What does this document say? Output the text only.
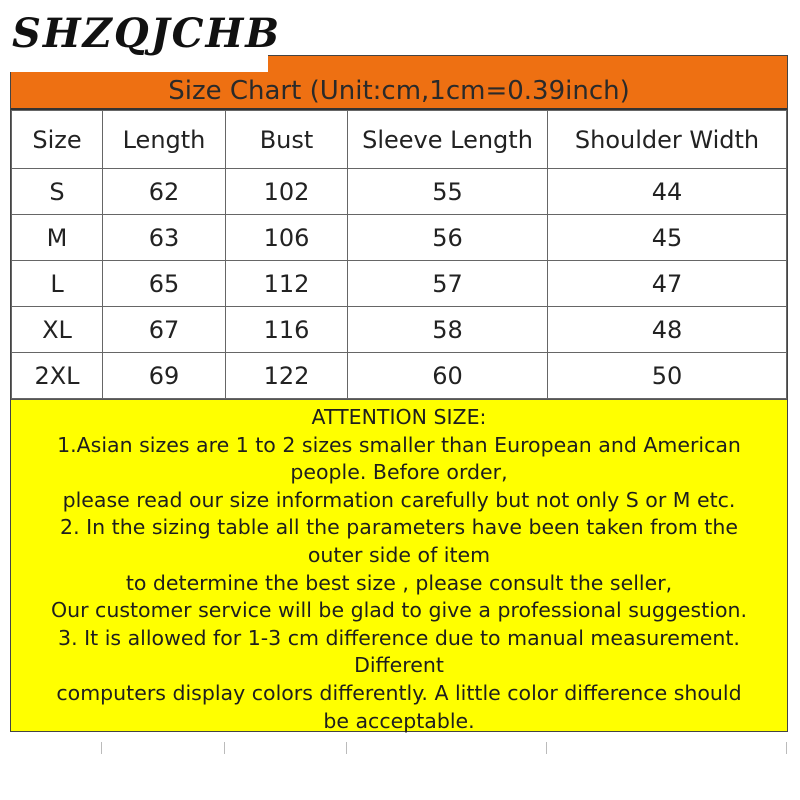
SHZQJCHB
Size Chart (Unit:cm,1cm=0.39inch)
Size	Length	Bust	Sleeve Length	Shoulder Width
S	62	102	55	44
M	63	106	56	45
L	65	112	57	47
XL	67	116	58	48
2XL	69	122	60	50
ATTENTION SIZE:
1.Asian sizes are 1 to 2 sizes smaller than European and American
people. Before order,
please read our size information carefully but not only S or M etc.
2. In the sizing table all the parameters have been taken from the
outer side of item
to determine the best size , please consult the seller,
Our customer service will be glad to give a professional suggestion.
3. It is allowed for 1-3 cm difference due to manual measurement.
Different
computers display colors differently. A little color difference should
be acceptable.
